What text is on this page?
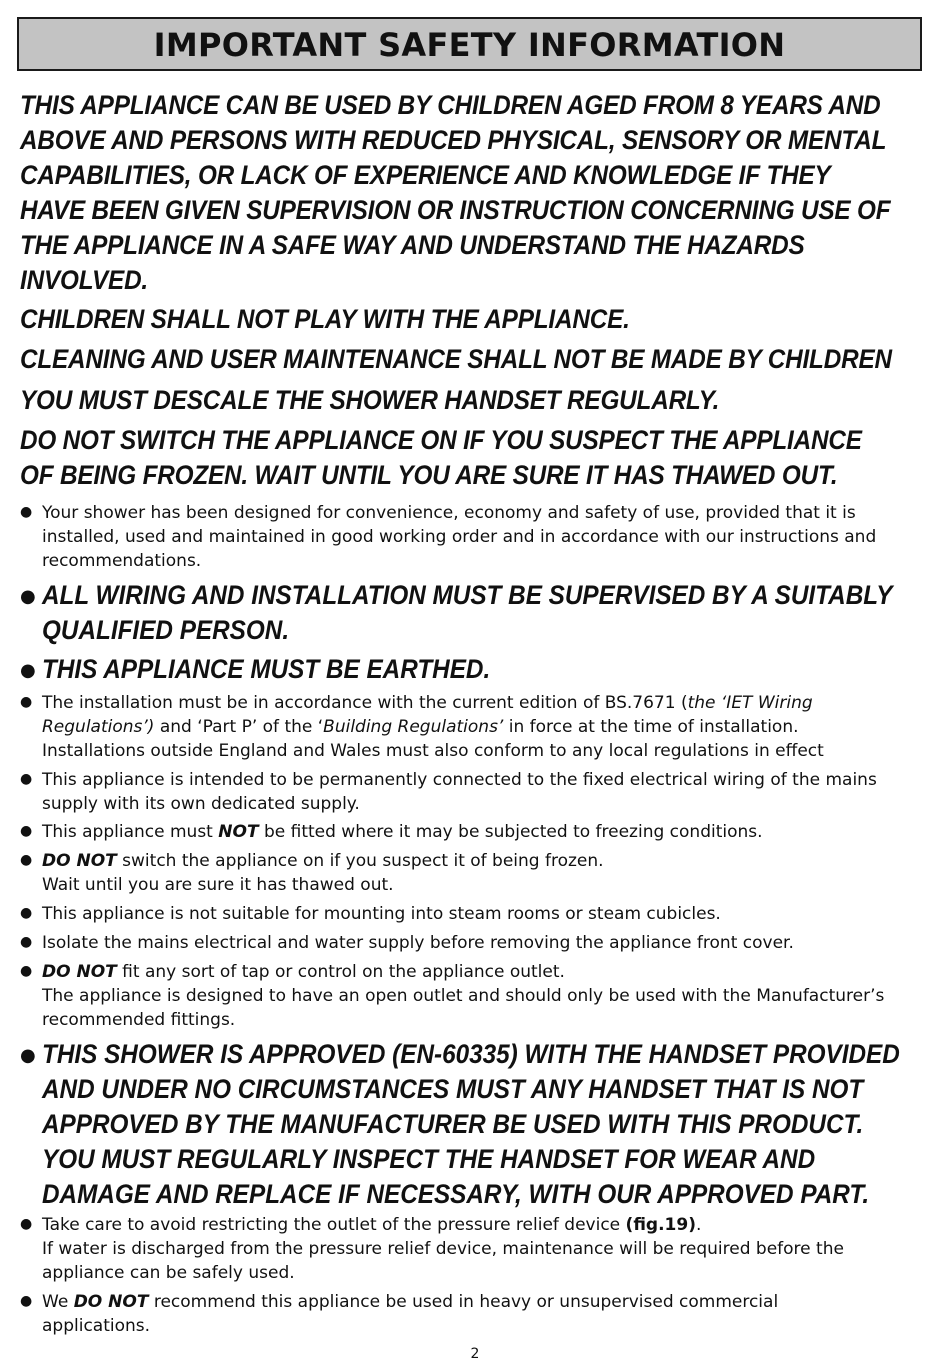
IMPORTANT SAFETY INFORMATION
THIS APPLIANCE CAN BE USED BY CHILDREN AGED FROM 8 YEARS AND
ABOVE AND PERSONS WITH REDUCED PHYSICAL, SENSORY OR MENTAL
CAPABILITIES, OR LACK OF EXPERIENCE AND KNOWLEDGE IF THEY
HAVE BEEN GIVEN SUPERVISION OR INSTRUCTION CONCERNING USE OF
THE APPLIANCE IN A SAFE WAY AND UNDERSTAND THE HAZARDS
INVOLVED.
CHILDREN SHALL NOT PLAY WITH THE APPLIANCE.
CLEANING AND USER MAINTENANCE SHALL NOT BE MADE BY CHILDREN
YOU MUST DESCALE THE SHOWER HANDSET REGULARLY.
DO NOT SWITCH THE APPLIANCE ON IF YOU SUSPECT THE APPLIANCE
OF BEING FROZEN. WAIT UNTIL YOU ARE SURE IT HAS THAWED OUT.
● Your shower has been designed for convenience, economy and safety of use, provided that it is
installed, used and maintained in good working order and in accordance with our instructions and
recommendations.
● ALL WIRING AND INSTALLATION MUST BE SUPERVISED BY A SUITABLY
QUALIFIED PERSON.
● THIS APPLIANCE MUST BE EARTHED.
● The installation must be in accordance with the current edition of BS.7671 (the ‘IET Wiring
Regulations’) and ‘Part P’ of the ‘Building Regulations’ in force at the time of installation.
Installations outside England and Wales must also conform to any local regulations in effect
● This appliance is intended to be permanently connected to the fixed electrical wiring of the mains
supply with its own dedicated supply.
● This appliance must NOT be fitted where it may be subjected to freezing conditions.
● DO NOT switch the appliance on if you suspect it of being frozen.
Wait until you are sure it has thawed out.
● This appliance is not suitable for mounting into steam rooms or steam cubicles.
● Isolate the mains electrical and water supply before removing the appliance front cover.
● DO NOT fit any sort of tap or control on the appliance outlet.
The appliance is designed to have an open outlet and should only be used with the Manufacturer’s
recommended fittings.
● THIS SHOWER IS APPROVED (EN-60335) WITH THE HANDSET PROVIDED
AND UNDER NO CIRCUMSTANCES MUST ANY HANDSET THAT IS NOT
APPROVED BY THE MANUFACTURER BE USED WITH THIS PRODUCT.
YOU MUST REGULARLY INSPECT THE HANDSET FOR WEAR AND
DAMAGE AND REPLACE IF NECESSARY, WITH OUR APPROVED PART.
● Take care to avoid restricting the outlet of the pressure relief device (fig.19).
If water is discharged from the pressure relief device, maintenance will be required before the
appliance can be safely used.
● We DO NOT recommend this appliance be used in heavy or unsupervised commercial
applications.
2
